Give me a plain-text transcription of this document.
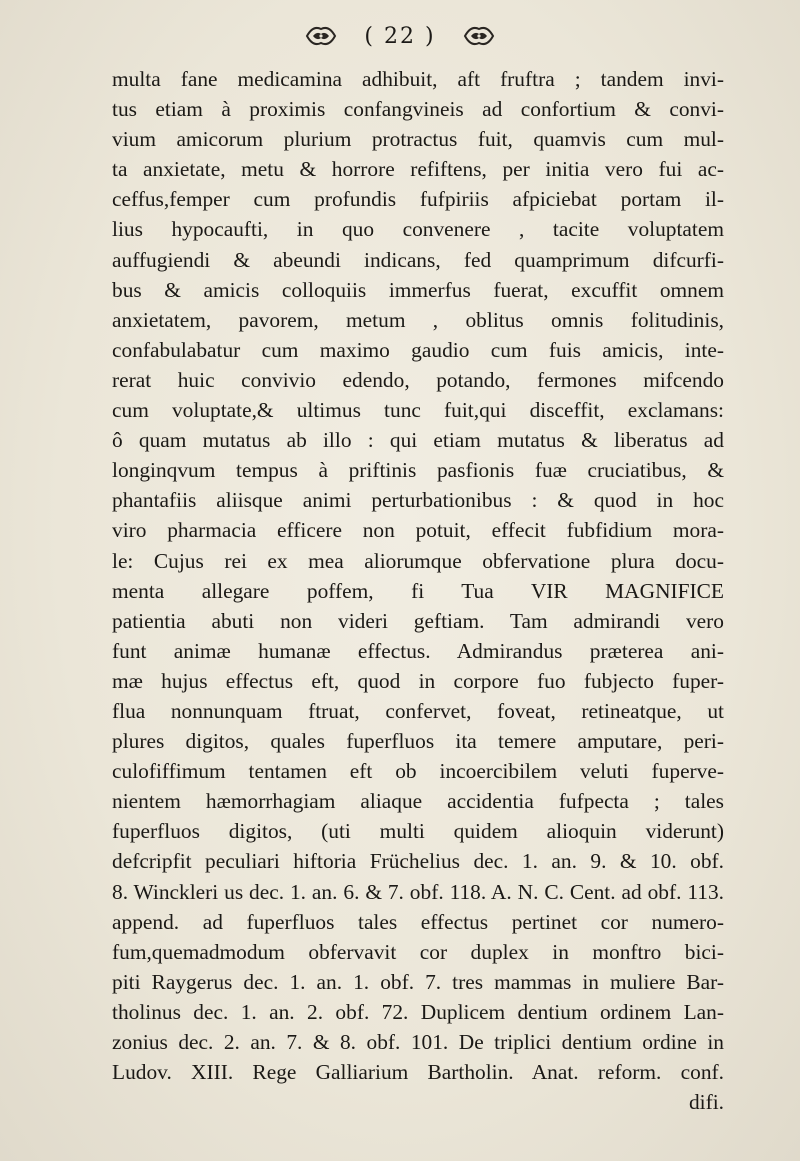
( 22 )
multa fane medicamina adhibuit, aft fruftra ; tandem invi-
tus etiam à proximis confangvineis ad confortium & convi-
vium amicorum plurium protractus fuit, quamvis cum mul-
ta anxietate, metu & horrore refiftens, per initia vero fui ac-
ceffus,femper cum profundis fufpiriis afpiciebat portam il-
lius hypocaufti, in quo convenere , tacite voluptatem
auffugiendi & abeundi indicans, fed quamprimum difcurfi-
bus & amicis colloquiis immerfus fuerat, excuffit omnem
anxietatem, pavorem, metum , oblitus omnis folitudinis,
confabulabatur cum maximo gaudio cum fuis amicis, inte-
rerat huic convivio edendo, potando, fermones mifcendo
cum voluptate,& ultimus tunc fuit,qui disceffit, exclamans:
ô quam mutatus ab illo : qui etiam mutatus & liberatus ad
longinqvum tempus à priftinis pasfionis fuæ cruciatibus, &
phantafiis aliisque animi perturbationibus : & quod in hoc
viro pharmacia efficere non potuit, effecit fubfidium mora-
le: Cujus rei ex mea aliorumque obfervatione plura docu-
menta allegare poffem, fi Tua VIR MAGNIFICE
patientia abuti non videri geftiam. Tam admirandi vero
funt animæ humanæ effectus. Admirandus præterea ani-
mæ hujus effectus eft, quod in corpore fuo fubjecto fuper-
flua nonnunquam ftruat, confervet, foveat, retineatque, ut
plures digitos, quales fuperfluos ita temere amputare, peri-
culofiffimum tentamen eft ob incoercibilem veluti fuperve-
nientem hæmorrhagiam aliaque accidentia fufpecta ; tales
fuperfluos digitos, (uti multi quidem alioquin viderunt)
defcripfit peculiari hiftoria Früchelius dec. 1. an. 9. & 10. obf.
8. Winckleri us dec. 1. an. 6. & 7. obf. 118. A. N. C. Cent. ad obf. 113.
append. ad fuperfluos tales effectus pertinet cor numero-
fum,quemadmodum obfervavit cor duplex in monftro bici-
piti Raygerus dec. 1. an. 1. obf. 7. tres mammas in muliere Bar-
tholinus dec. 1. an. 2. obf. 72. Duplicem dentium ordinem Lan-
zonius dec. 2. an. 7. & 8. obf. 101. De triplici dentium ordine in
Ludov. XIII. Rege Galliarium Bartholin. Anat. reform. conf.
difi.
